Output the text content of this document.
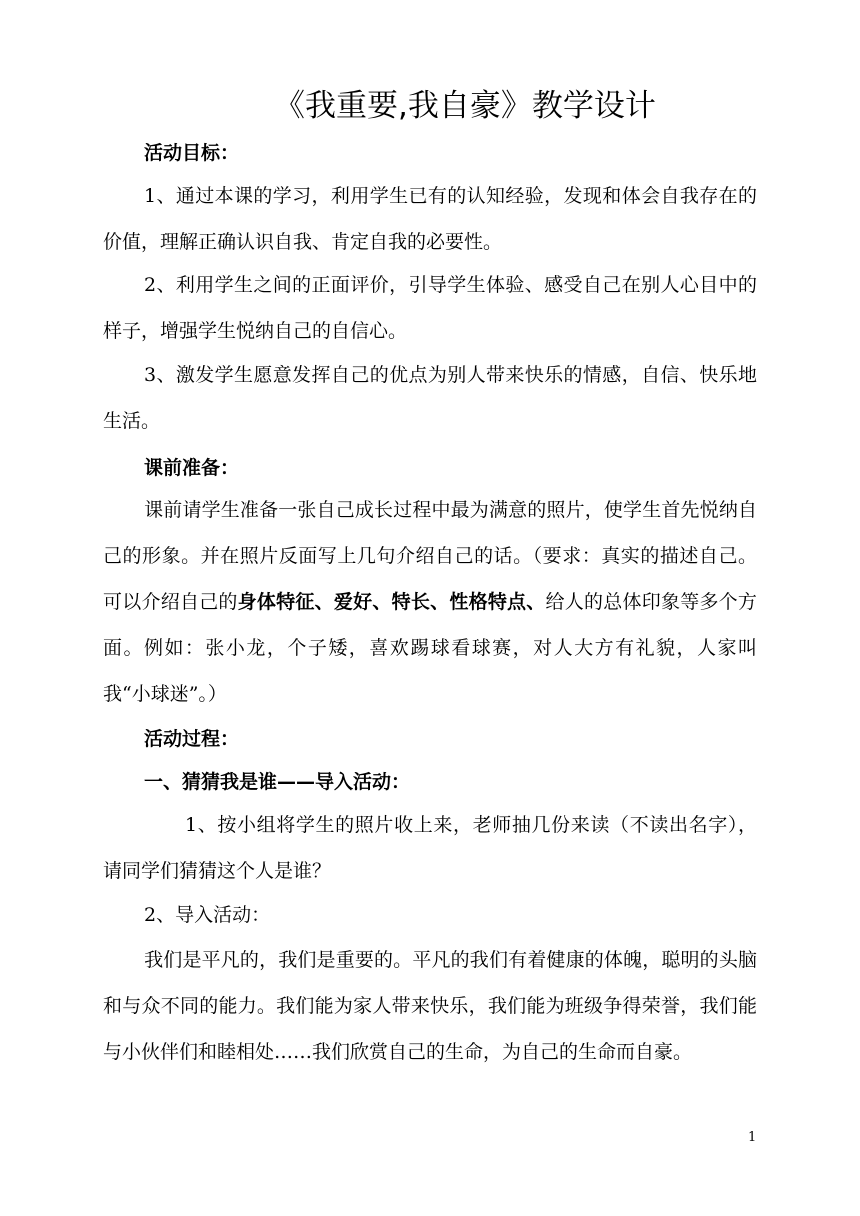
《我重要,我自豪》教学设计
活动目标：

1、通过本课的学习，利用学生已有的认知经验，发现和体会自我存在的价值，理解正确认识自我、肯定自我的必要性。

2、利用学生之间的正面评价，引导学生体验、感受自己在别人心目中的样子，增强学生悦纳自己的自信心。

3、激发学生愿意发挥自己的优点为别人带来快乐的情感，自信、快乐地生活。

课前准备：

课前请学生准备一张自己成长过程中最为满意的照片，使学生首先悦纳自己的形象。并在照片反面写上几句介绍自己的话。（要求：真实的描述自己。可以介绍自己的身体特征、爱好、特长、性格特点、给人的总体印象等多个方面。例如：张小龙，个子矮，喜欢踢球看球赛，对人大方有礼貌，人家叫我“小球迷”。）

活动过程：
一、猜猜我是谁——导入活动：

1、按小组将学生的照片收上来，老师抽几份来读（不读出名字），请同学们猜猜这个人是谁？

2、导入活动：

我们是平凡的，我们是重要的。平凡的我们有着健康的体魄，聪明的头脑和与众不同的能力。我们能为家人带来快乐，我们能为班级争得荣誉，我们能与小伙伴们和睦相处……我们欣赏自己的生命，为自己的生命而自豪。

1
